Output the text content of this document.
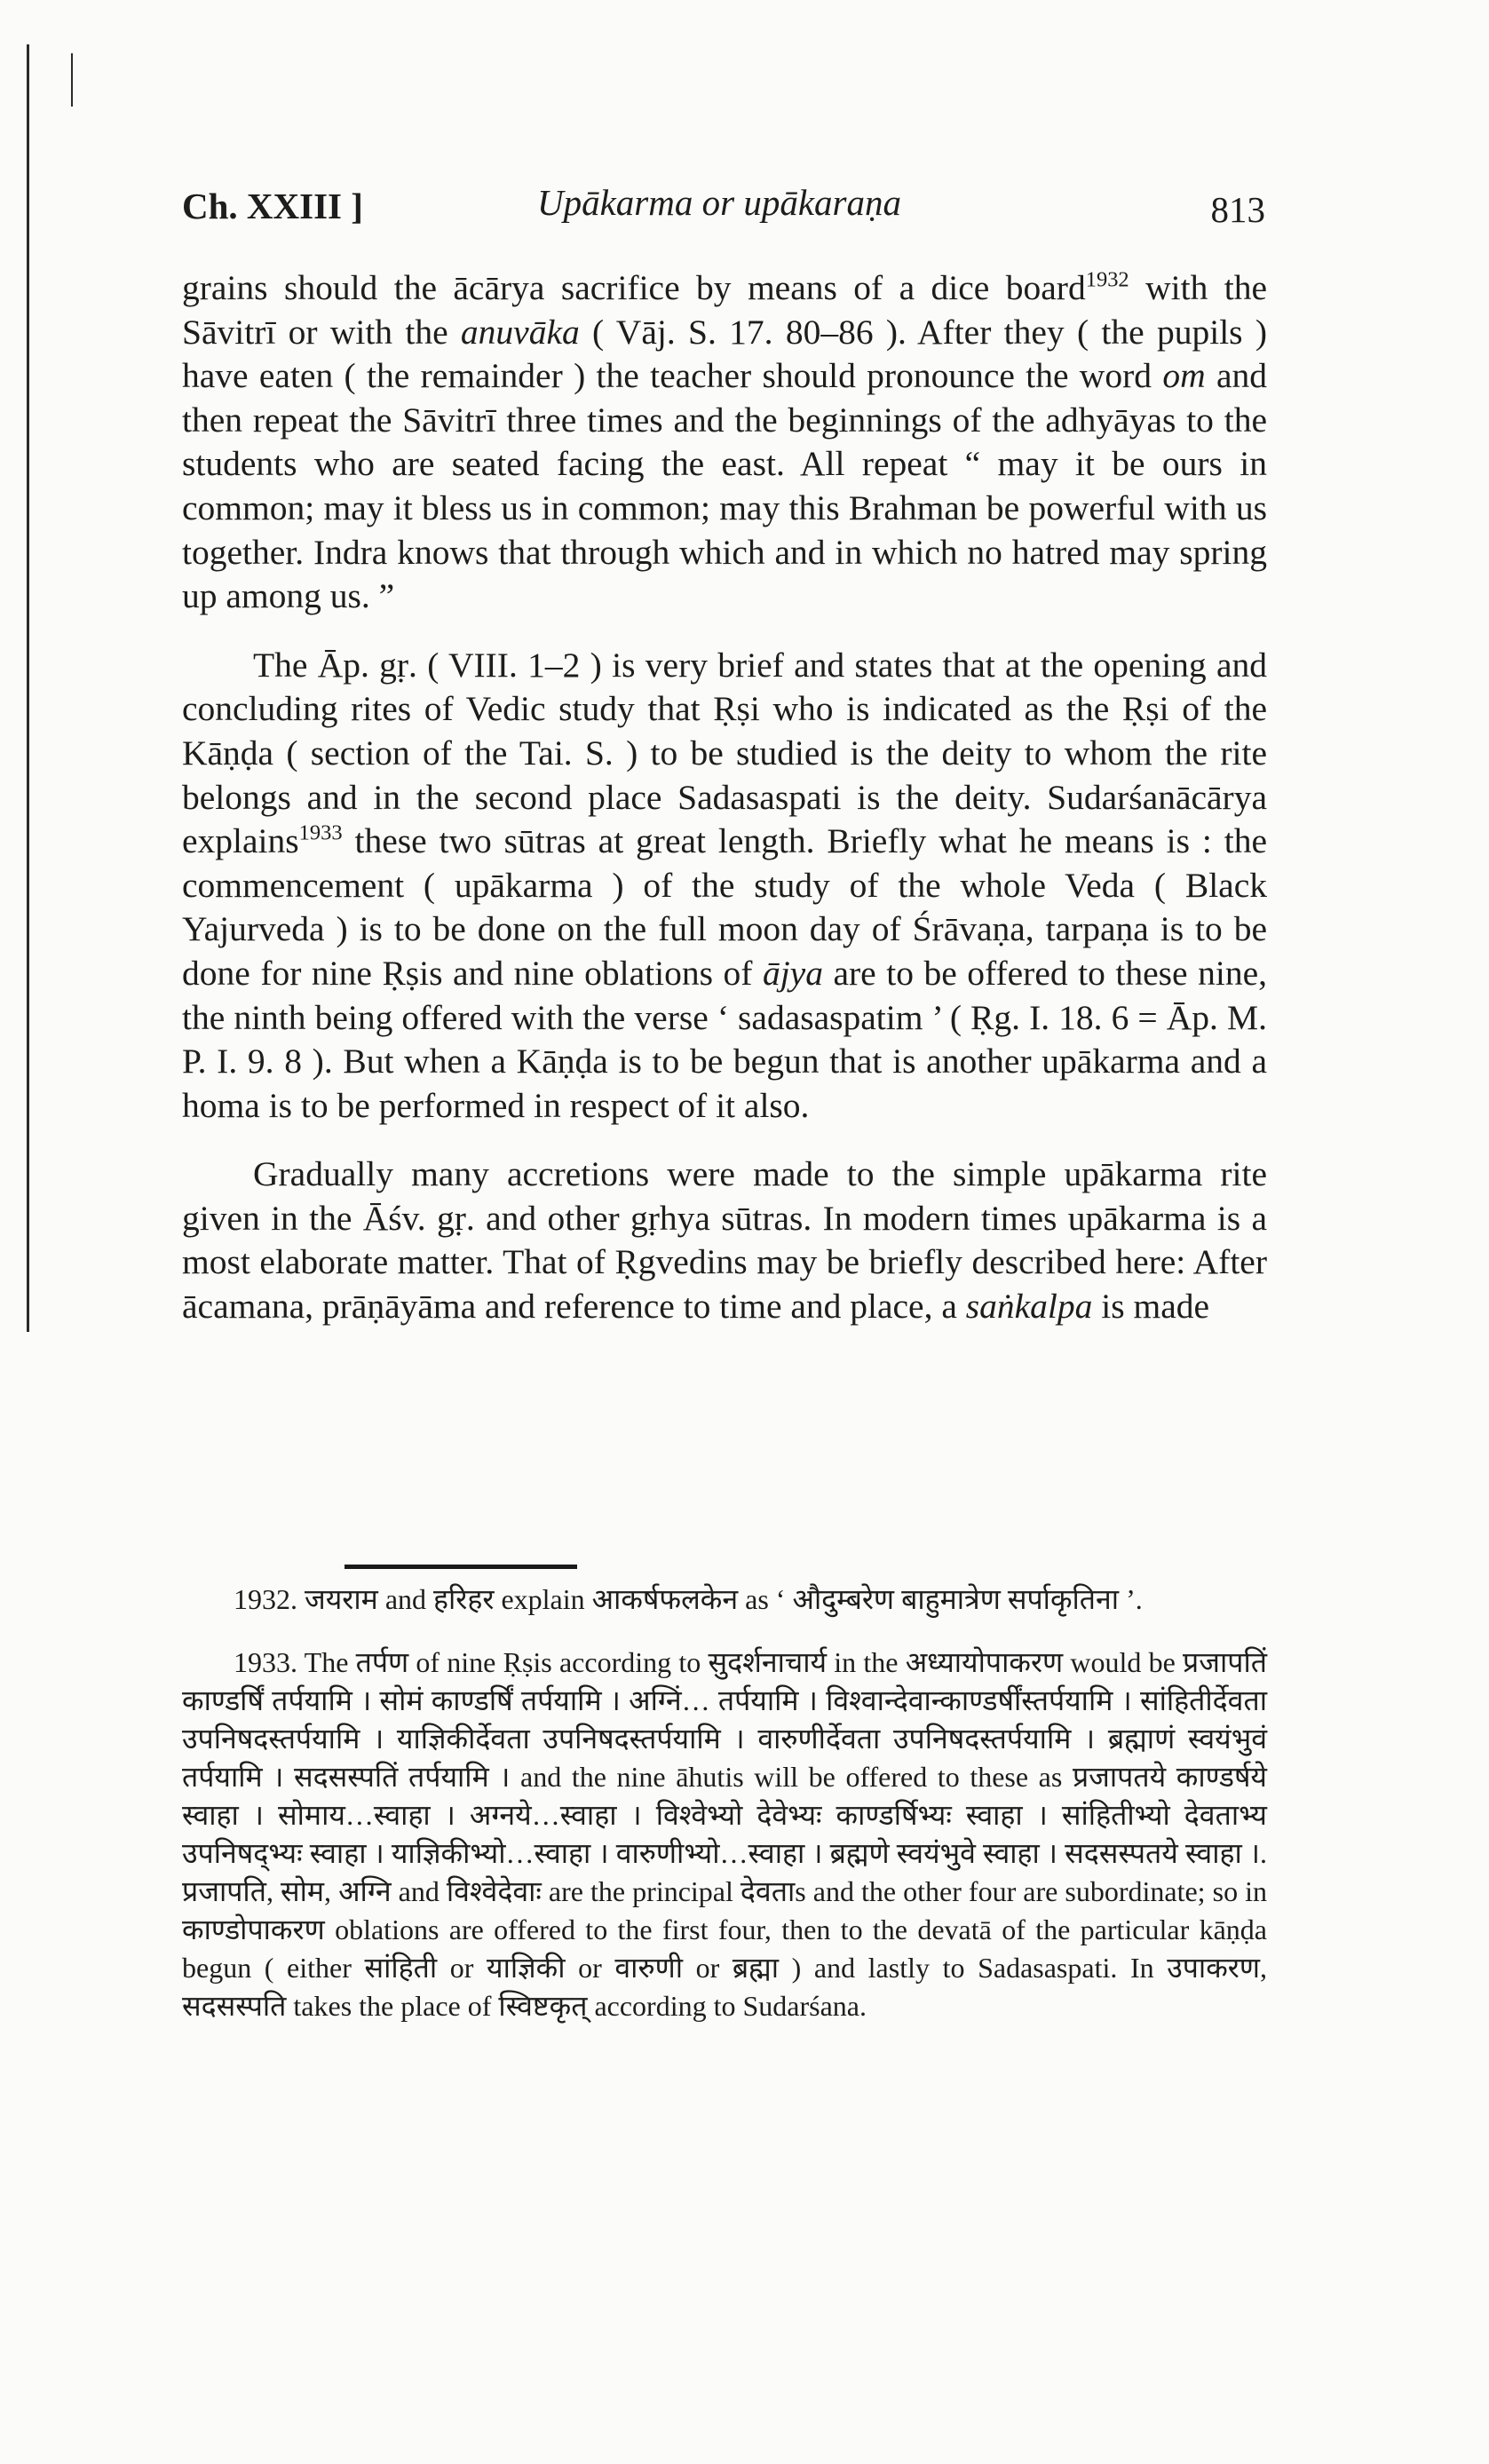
Ch. XXIII ]	Upākarma or upākaraṇa	813

grains should the ācārya sacrifice by means of a dice board$^{1932}$ with the Sāvitrī or with the anuvāka ( Vāj. S. 17. 80–86 ). After they ( the pupils ) have eaten ( the remainder ) the teacher should pronounce the word om and then repeat the Sāvitrī three times and the beginnings of the adhyāyas to the students who are seated facing the east. All repeat “ may it be ours in common; may it bless us in common; may this Brahman be powerful with us together. Indra knows that through which and in which no hatred may spring up among us. ”

The Āp. gṛ. ( VIII. 1–2 ) is very brief and states that at the opening and concluding rites of Vedic study that Ṛṣi who is indicated as the Ṛṣi of the Kāṇḍa ( section of the Tai. S. ) to be studied is the deity to whom the rite belongs and in the second place Sadasaspati is the deity. Sudarśanācārya explains$^{1933}$ these two sūtras at great length. Briefly what he means is : the commencement ( upākarma ) of the study of the whole Veda ( Black Yajurveda ) is to be done on the full moon day of Śrāvaṇa, tarpaṇa is to be done for nine Ṛṣis and nine oblations of ājya are to be offered to these nine, the ninth being offered with the verse ‘ sadasaspatim ’ ( Ṛg. I. 18. 6 = Āp. M. P. I. 9. 8 ). But when a Kāṇḍa is to be begun that is another upākarma and a homa is to be performed in respect of it also.

Gradually many accretions were made to the simple upākarma rite given in the Āśv. gṛ. and other gṛhya sūtras. In modern times upākarma is a most elaborate matter. That of Ṛgvedins may be briefly described here: After ācamana, prāṇāyāma and reference to time and place, a saṅkalpa is made

1932. जयराम and हरिहर explain आकर्षफलकेन as ‘ औदुम्बरेण बाहुमात्रेण सर्पाकृतिना ’.

1933. The तर्पण of nine Ṛṣis according to सुदर्शनाचार्य in the अध्यायोपाकरण would be प्रजापतिं काण्डर्षिं तर्पयामि । सोमं काण्डर्षिं तर्पयामि । अग्निं… तर्पयामि । विश्वान्देवान्काण्डर्षींस्तर्पयामि । सांहितीर्देवता उपनिषदस्तर्पयामि । याज्ञिकीर्देवता उपनिषदस्तर्पयामि । वारुणीर्देवता उपनिषदस्तर्पयामि । ब्रह्माणं स्वयंभुवं तर्पयामि । सदसस्पतिं तर्पयामि । and the nine āhutis will be offered to these as प्रजापतये काण्डर्षये स्वाहा । सोमाय…स्वाहा । अग्नये…स्वाहा । विश्वेभ्यो देवेभ्यः काण्डर्षिभ्यः स्वाहा । सांहितीभ्यो देवताभ्य उपनिषद्भ्यः स्वाहा । याज्ञिकीभ्यो…स्वाहा । वारुणीभ्यो…स्वाहा । ब्रह्मणे स्वयंभुवे स्वाहा । सदसस्पतये स्वाहा ।. प्रजापति, सोम, अग्नि and विश्वेदेवाः are the principal देवताs and the other four are subordinate; so in काण्डोपाकरण oblations are offered to the first four, then to the devatā of the particular kāṇḍa begun ( either सांहिती or याज्ञिकी or वारुणी or ब्रह्मा ) and lastly to Sadasaspati. In उपाकरण, सदसस्पति takes the place of स्विष्टकृत् according to Sudarśana.
